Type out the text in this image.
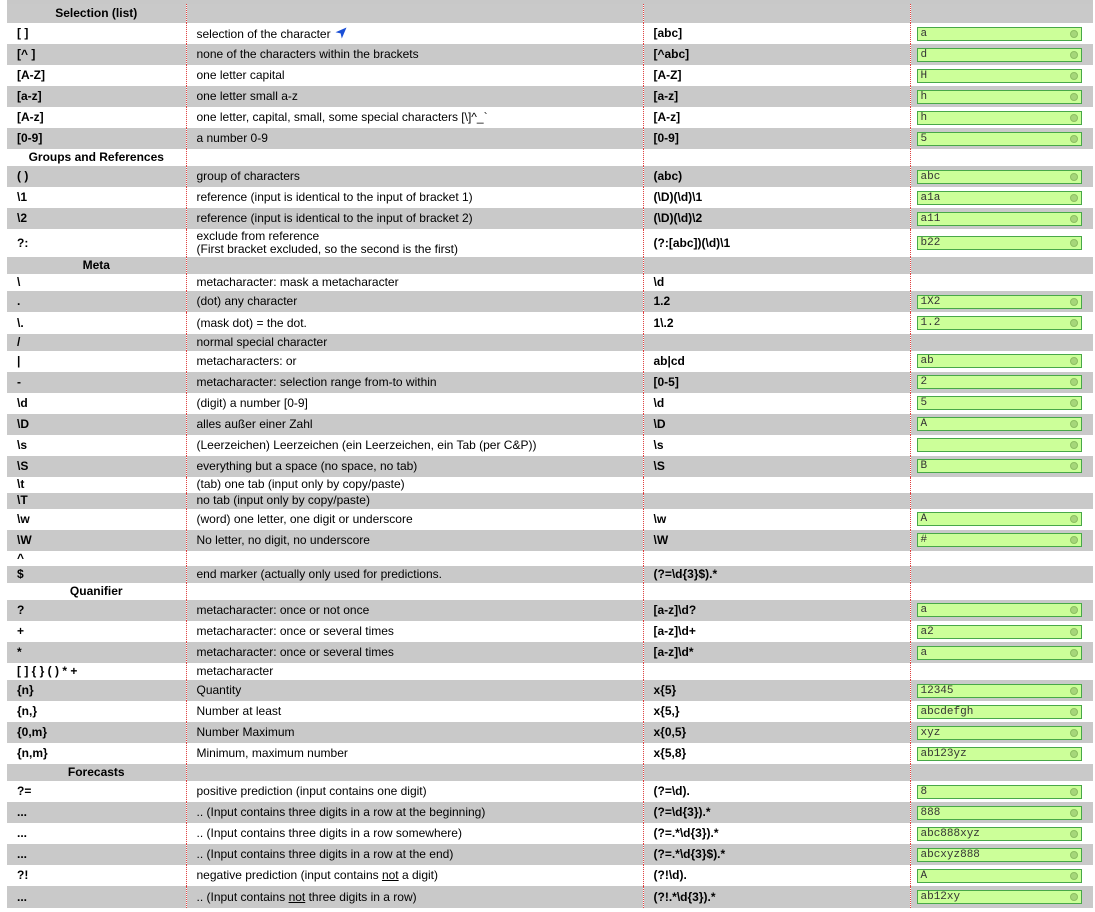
Selection (list)			
[ ]	selection of the character	[abc]	a

[^ ]	none of the characters within the brackets	[^abc]	d

[A-Z]	one letter capital	[A-Z]	H

[a-z]	one letter small a-z	[a-z]	h

[A-z]	one letter, capital, small, some special characters [\]^_`	[A-z]	h

[0-9]	a number 0-9	[0-9]	5

Groups and References			
( )	group of characters	(abc)	abc

\1	reference (input is identical to the input of bracket 1)	(\D)(\d)\1	a1a

\2	reference (input is identical to the input of bracket 2)	(\D)(\d)\2	a11

?:	exclude from reference
(First bracket excluded, so the second is the first)	(?:[abc])(\d)\1	b22

Meta			
\	metacharacter: mask a metacharacter	\d	
.	(dot) any character	1.2	1X2

\.	(mask dot) = the dot.	1\.2	1.2

/	normal special character		
|	metacharacters: or	ab|cd	ab

-	metacharacter: selection range from-to within	[0-5]	2

\d	(digit) a number [0-9]	\d	5

\D	alles außer einer Zahl	\D	A

\s	(Leerzeichen) Leerzeichen (ein Leerzeichen, ein Tab (per C&P))	\s	

\S	everything but a space (no space, no tab)	\S	B

\t	(tab) one tab (input only by copy/paste)		
\T	no tab (input only by copy/paste)		
\w	(word) one letter, one digit or underscore	\w	A

\W	No letter, no digit, no underscore	\W	#

^			
$	end marker (actually only used for predictions.	(?=\d{3}$).*	
Quanifier			
?	metacharacter: once or not once	[a-z]\d?	a

+	metacharacter: once or several times	[a-z]\d+	a2

*	metacharacter: once or several times	[a-z]\d*	a

[ ] { } ( ) * +	metacharacter		
{n}	Quantity	x{5}	12345

{n,}	Number at least	x{5,}	abcdefgh

{0,m}	Number Maximum	x{0,5}	xyz

{n,m}	Minimum, maximum number	x{5,8}	ab123yz

Forecasts			
?=	positive prediction (input contains one digit)	(?=\d).	8

...	.. (Input contains three digits in a row at the beginning)	(?=\d{3}).*	888

...	.. (Input contains three digits in a row somewhere)	(?=.*\d{3}).*	abc888xyz

...	.. (Input contains three digits in a row at the end)	(?=.*\d{3}$).*	abcxyz888

?!	negative prediction (input contains not a digit)	(?!\d).	A

...	.. (Input contains not three digits in a row)	(?!.*\d{3}).*	ab12xy
